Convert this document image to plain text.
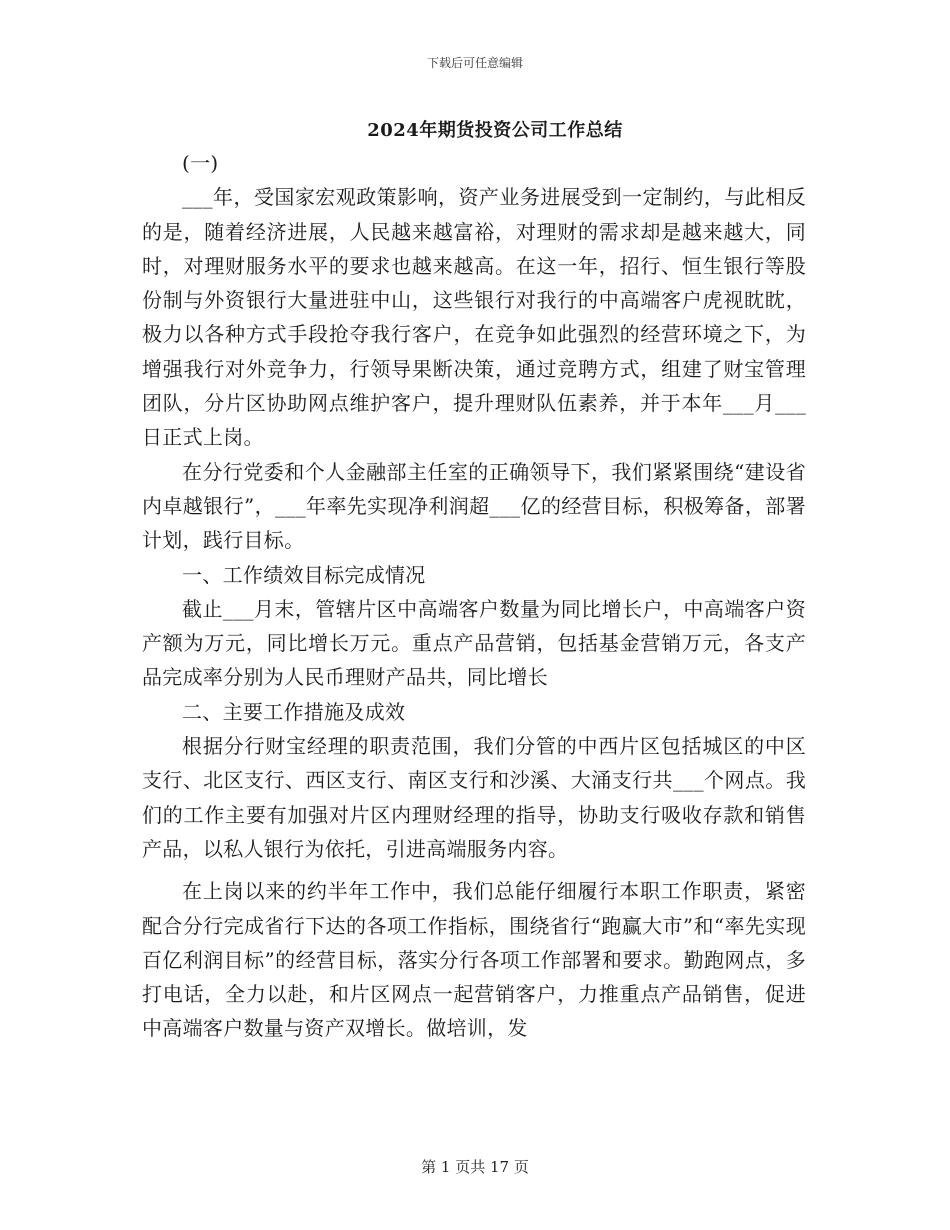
下载后可任意编辑
2024年期货投资公司工作总结

(一)

___年，受国家宏观政策影响，资产业务进展受到一定制约，与此相反的是，随着经济进展，人民越来越富裕，对理财的需求却是越来越大，同时，对理财服务水平的要求也越来越高。在这一年，招行、恒生银行等股份制与外资银行大量进驻中山，这些银行对我行的中高端客户虎视眈眈，极力以各种方式手段抢夺我行客户，在竞争如此强烈的经营环境之下，为增强我行对外竞争力，行领导果断决策，通过竞聘方式，组建了财宝管理团队，分片区协助网点维护客户，提升理财队伍素养，并于本年___月___日正式上岗。

在分行党委和个人金融部主任室的正确领导下，我们紧紧围绕“建设省内卓越银行”，___年率先实现净利润超___亿的经营目标，积极筹备，部署计划，践行目标。

一、工作绩效目标完成情况

截止___月末，管辖片区中高端客户数量为同比增长户，中高端客户资产额为万元，同比增长万元。重点产品营销，包括基金营销万元，各支产品完成率分别为人民币理财产品共，同比增长

二、主要工作措施及成效

根据分行财宝经理的职责范围，我们分管的中西片区包括城区的中区支行、北区支行、西区支行、南区支行和沙溪、大涌支行共___个网点。我们的工作主要有加强对片区内理财经理的指导，协助支行吸收存款和销售产品，以私人银行为依托，引进高端服务内容。

在上岗以来的约半年工作中，我们总能仔细履行本职工作职责，紧密配合分行完成省行下达的各项工作指标，围绕省行“跑赢大市”和“率先实现百亿利润目标”的经营目标，落实分行各项工作部署和要求。勤跑网点，多打电话，全力以赴，和片区网点一起营销客户，力推重点产品销售，促进中高端客户数量与资产双增长。做培训，发

第 1 页共 17 页
